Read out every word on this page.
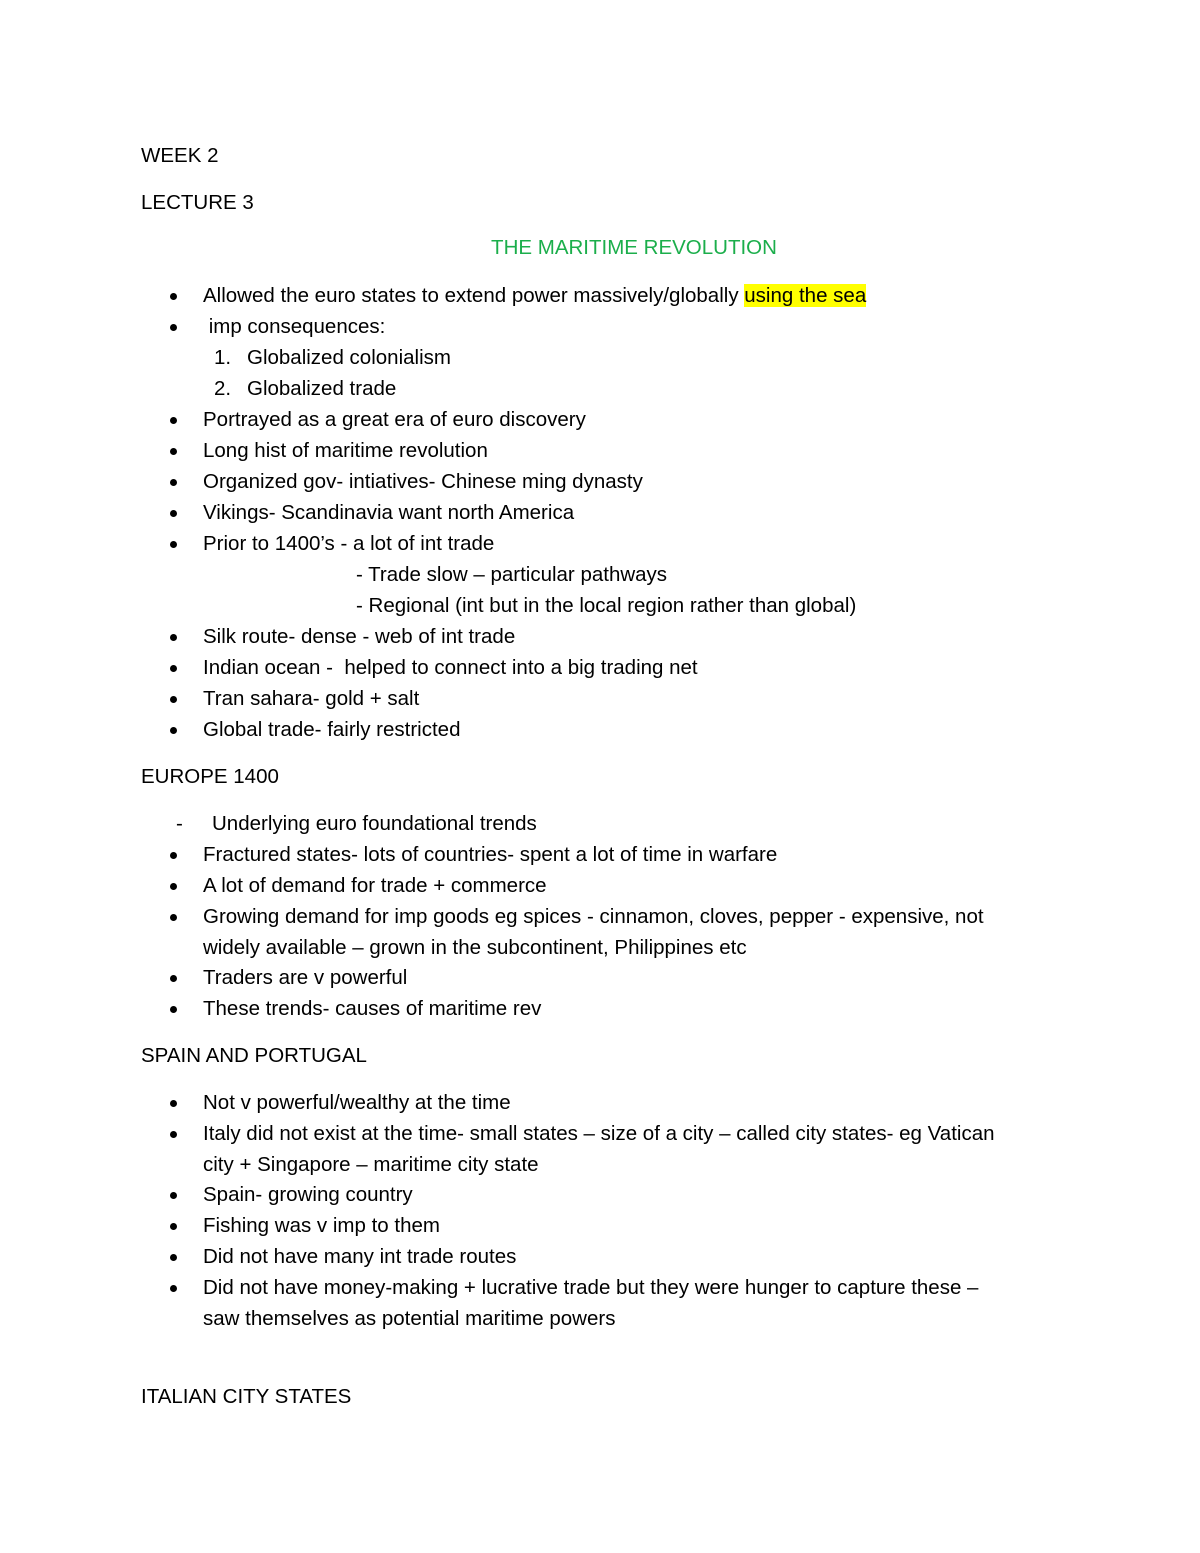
WEEK 2
LECTURE 3
THE MARITIME REVOLUTION
Allowed the euro states to extend power massively/globally using the sea
imp consequences:
1. Globalized colonialism
2. Globalized trade
Portrayed as a great era of euro discovery
Long hist of maritime revolution
Organized gov- intiatives- Chinese ming dynasty
Vikings- Scandinavia want north America
Prior to 1400’s - a lot of int trade
- Trade slow – particular pathways
- Regional (int but in the local region rather than global)
Silk route- dense - web of int trade
Indian ocean -  helped to connect into a big trading net
Tran sahara- gold + salt
Global trade- fairly restricted
EUROPE 1400
- Underlying euro foundational trends
Fractured states- lots of countries- spent a lot of time in warfare
A lot of demand for trade + commerce
Growing demand for imp goods eg spices - cinnamon, cloves, pepper - expensive, not
widely available – grown in the subcontinent, Philippines etc
Traders are v powerful
These trends- causes of maritime rev
SPAIN AND PORTUGAL
Not v powerful/wealthy at the time
Italy did not exist at the time- small states – size of a city – called city states- eg Vatican
city + Singapore – maritime city state
Spain- growing country
Fishing was v imp to them
Did not have many int trade routes
Did not have money-making + lucrative trade but they were hunger to capture these –
saw themselves as potential maritime powers
ITALIAN CITY STATES
